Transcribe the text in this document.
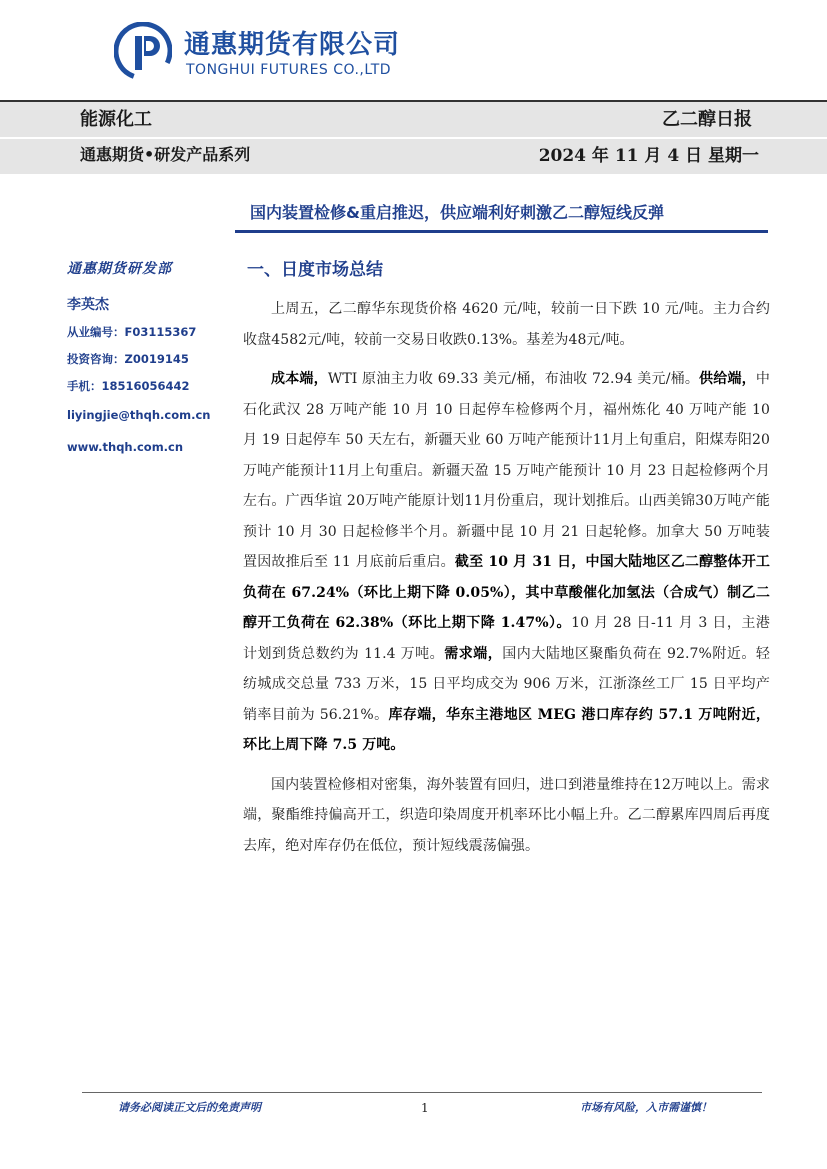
通惠期货有限公司
TONGHUI FUTURES CO.,LTD
能源化工	乙二醇日报
通惠期货•研发产品系列	2024 年 11 月 4 日 星期一
国内装置检修&重启推迟，供应端利好刺激乙二醇短线反弹
通惠期货研发部
李英杰
从业编号：F03115367
投资咨询：Z0019145
手机：18516056442
liyingjie@thqh.com.cn
www.thqh.com.cn
一、日度市场总结

上周五，乙二醇华东现货价格 4620 元/吨，较前一日下跌 10 元/吨。主力合约收盘4582元/吨，较前一交易日收跌0.13%。基差为48元/吨。

成本端，WTI 原油主力收 69.33 美元/桶，布油收 72.94 美元/桶。供给端，中石化武汉 28 万吨产能 10 月 10 日起停车检修两个月，福州炼化 40 万吨产能 10 月 19 日起停车 50 天左右，新疆天业 60 万吨产能预计11月上旬重启，阳煤寿阳20万吨产能预计11月上旬重启。新疆天盈 15 万吨产能预计 10 月 23 日起检修两个月左右。广西华谊 20万吨产能原计划11月份重启，现计划推后。山西美锦30万吨产能预计 10 月 30 日起检修半个月。新疆中昆 10 月 21 日起轮修。加拿大 50 万吨装置因故推后至 11 月底前后重启。截至 10 月 31 日，中国大陆地区乙二醇整体开工负荷在 67.24%（环比上期下降 0.05%），其中草酸催化加氢法（合成气）制乙二醇开工负荷在 62.38%（环比上期下降 1.47%）。10 月 28 日-11 月 3 日，主港计划到货总数约为 11.4 万吨。需求端，国内大陆地区聚酯负荷在 92.7%附近。轻纺城成交总量 733 万米，15 日平均成交为 906 万米，江浙涤丝工厂 15 日平均产销率目前为 56.21%。库存端，华东主港地区 MEG 港口库存约 57.1 万吨附近，环比上周下降 7.5 万吨。

国内装置检修相对密集，海外装置有回归，进口到港量维持在12万吨以上。需求端，聚酯维持偏高开工，织造印染周度开机率环比小幅上升。乙二醇累库四周后再度去库，绝对库存仍在低位，预计短线震荡偏强。

请务必阅读正文后的免责声明	1	市场有风险，入市需谨慎！
